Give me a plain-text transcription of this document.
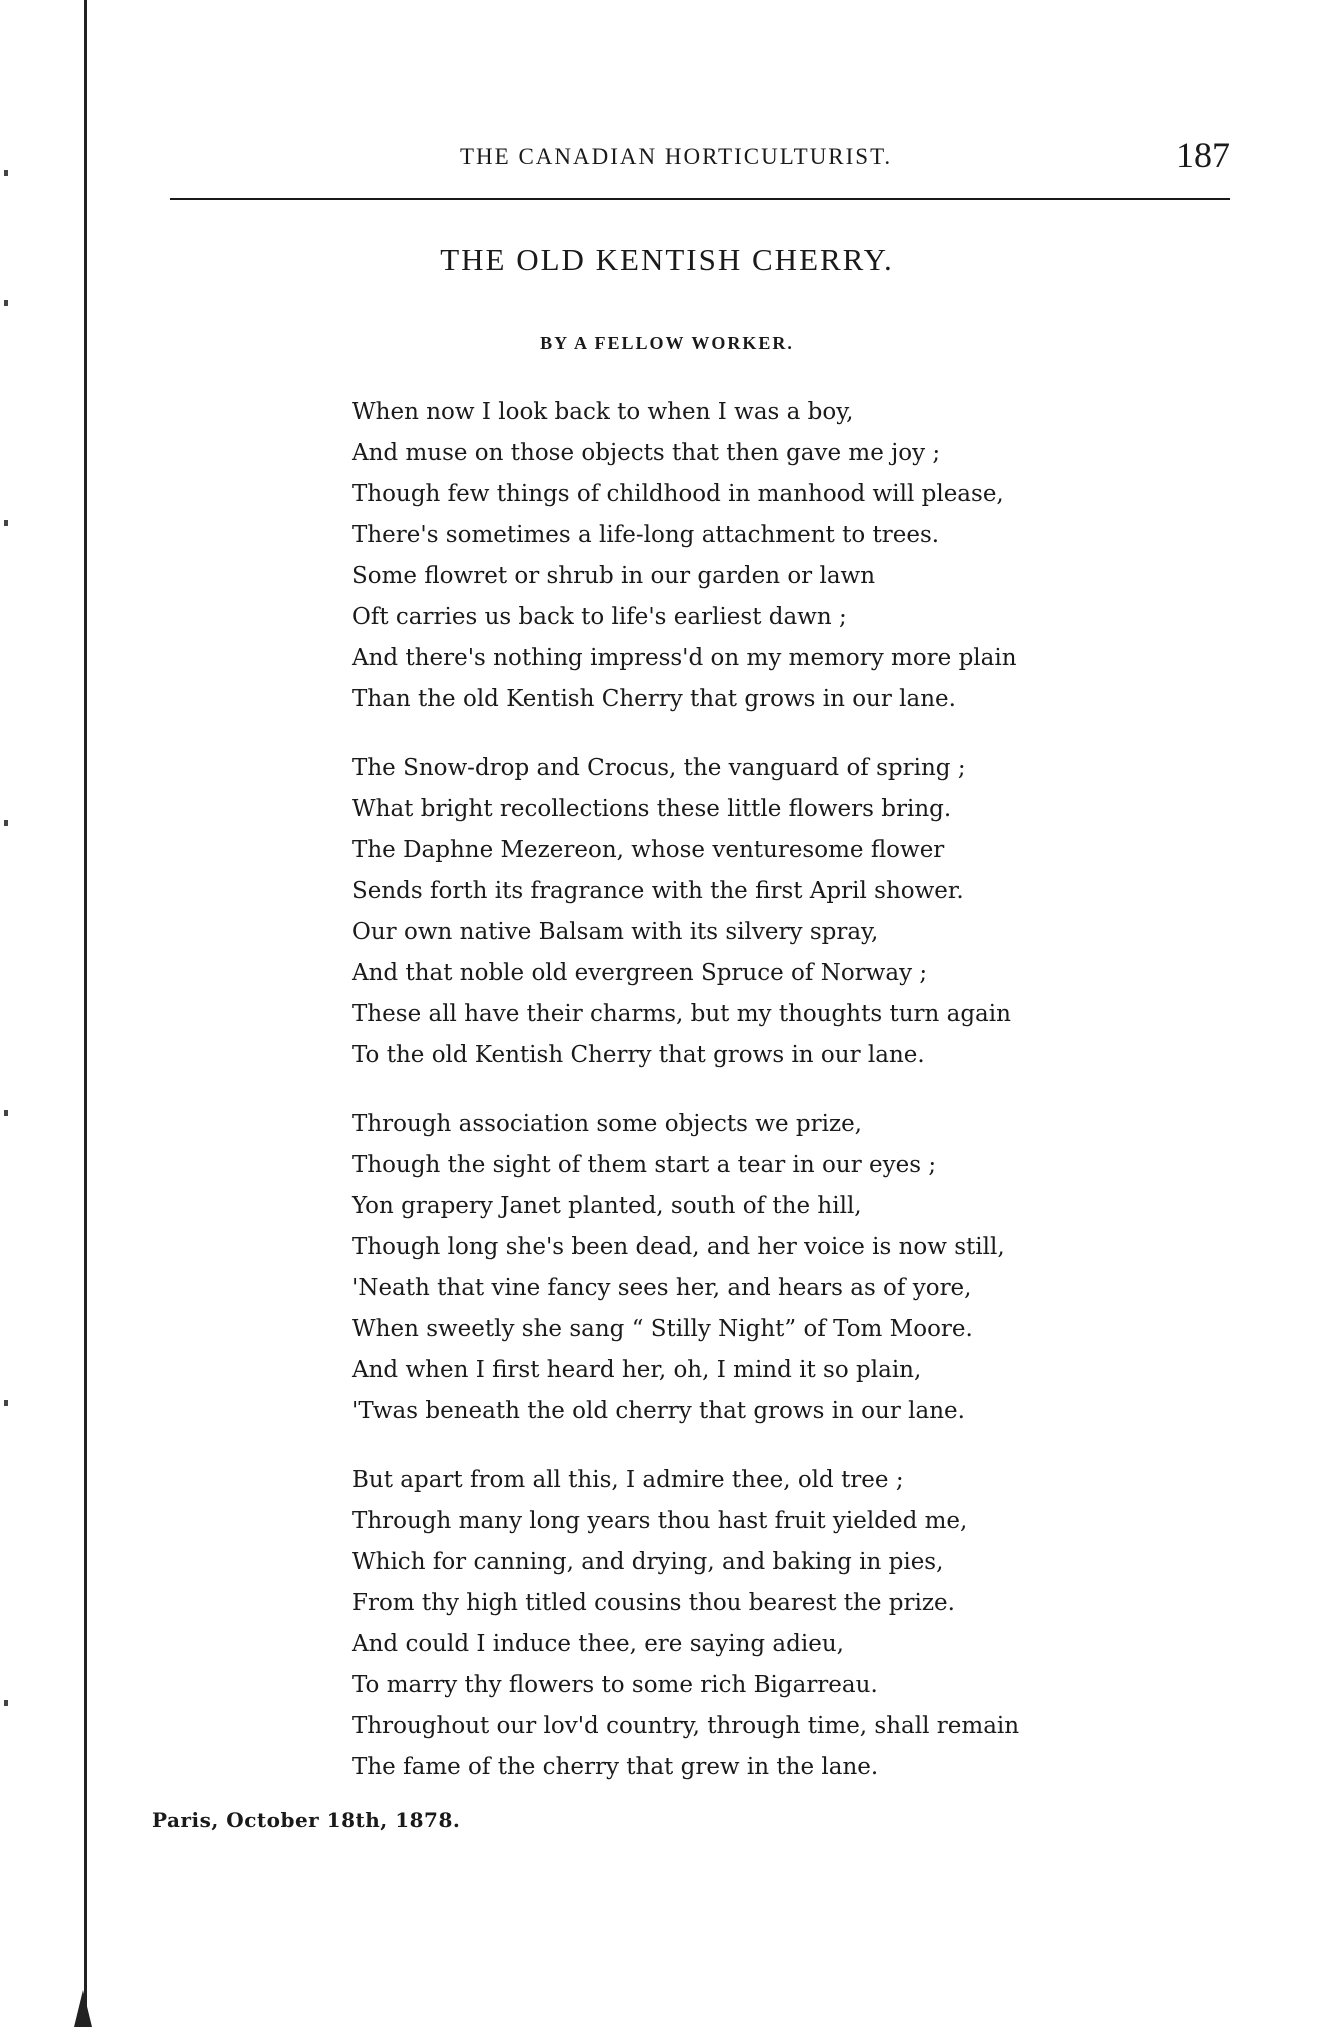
THE CANADIAN HORTICULTURIST.	187
THE OLD KENTISH CHERRY.
BY A FELLOW WORKER.
When now I look back to when I was a boy,
And muse on those objects that then gave me joy ;
Though few things of childhood in manhood will please,
There's sometimes a life-long attachment to trees.
Some flowret or shrub in our garden or lawn
Oft carries us back to life's earliest dawn ;
And there's nothing impress'd on my memory more plain
Than the old Kentish Cherry that grows in our lane.
The Snow-drop and Crocus, the vanguard of spring ;
What bright recollections these little flowers bring.
The Daphne Mezereon, whose venturesome flower
Sends forth its fragrance with the first April shower.
Our own native Balsam with its silvery spray,
And that noble old evergreen Spruce of Norway ;
These all have their charms, but my thoughts turn again
To the old Kentish Cherry that grows in our lane.
Through association some objects we prize,
Though the sight of them start a tear in our eyes ;
Yon grapery Janet planted, south of the hill,
Though long she's been dead, and her voice is now still,
'Neath that vine fancy sees her, and hears as of yore,
When sweetly she sang “ Stilly Night” of Tom Moore.
And when I first heard her, oh, I mind it so plain,
'Twas beneath the old cherry that grows in our lane.
But apart from all this, I admire thee, old tree ;
Through many long years thou hast fruit yielded me,
Which for canning, and drying, and baking in pies,
From thy high titled cousins thou bearest the prize.
And could I induce thee, ere saying adieu,
To marry thy flowers to some rich Bigarreau.
Throughout our lov'd country, through time, shall remain
The fame of the cherry that grew in the lane.
Paris, October 18th, 1878.
